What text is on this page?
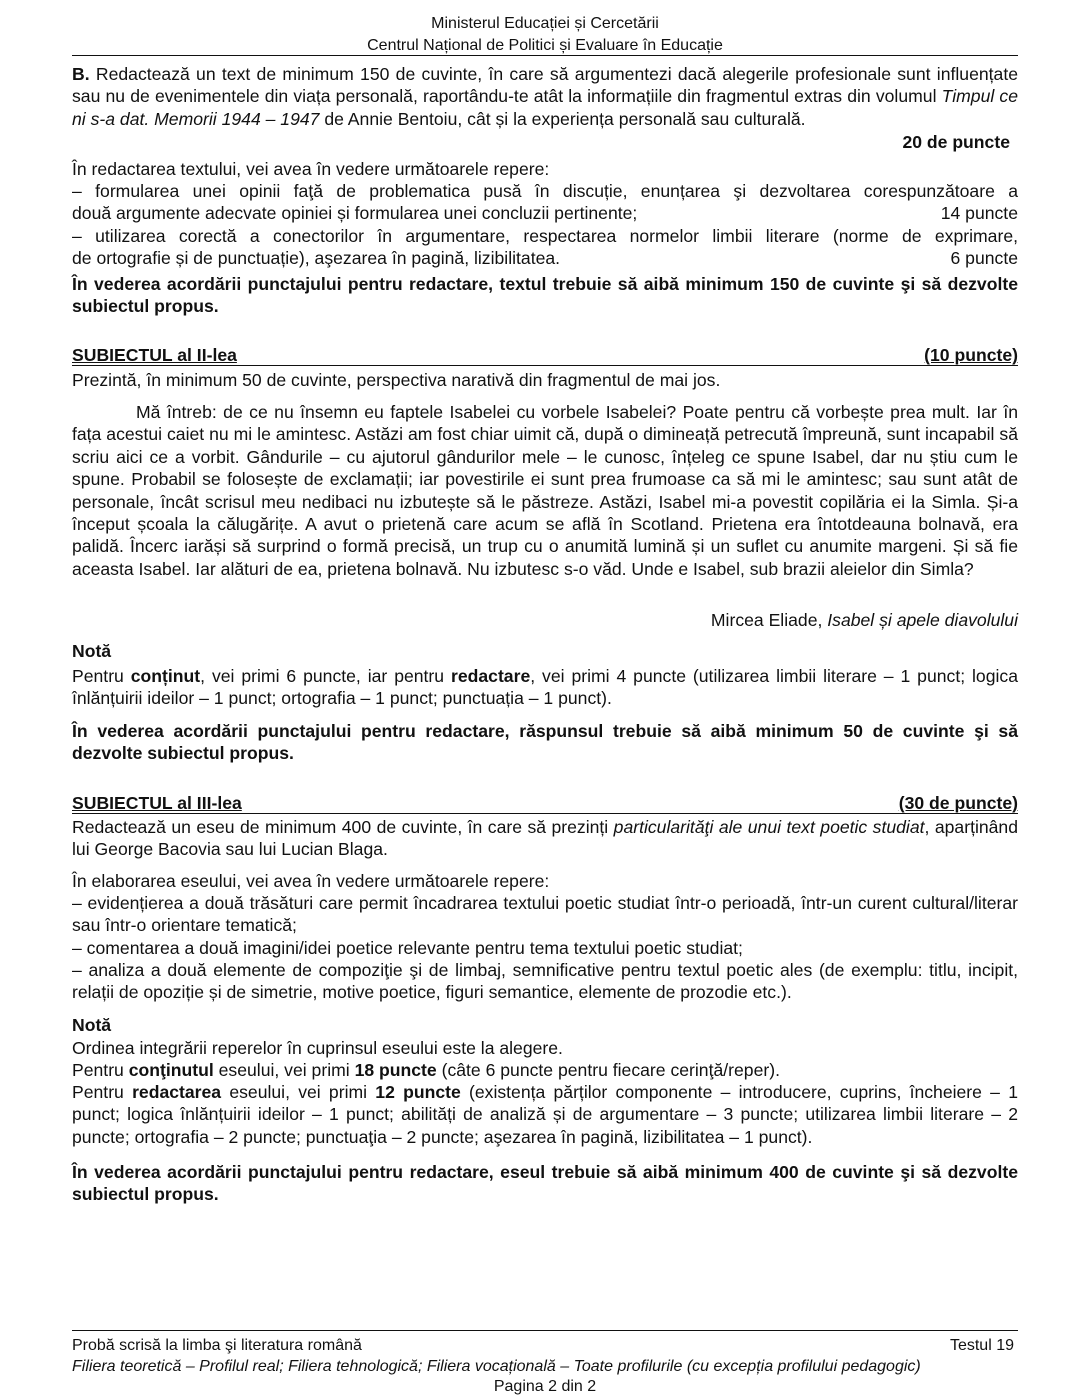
Ministerul Educației și Cercetării
Centrul Național de Politici și Evaluare în Educație
B. Redactează un text de minimum 150 de cuvinte, în care să argumentezi dacă alegerile profesionale sunt influențate sau nu de evenimentele din viața personală, raportându-te atât la informațiile din fragmentul extras din volumul Timpul ce ni s-a dat. Memorii 1944 – 1947 de Annie Bentoiu, cât și la experiența personală sau culturală.
20 de puncte
În redactarea textului, vei avea în vedere următoarele repere:
– formularea unei opinii faţă de problematica pusă în discuție, enunțarea şi dezvoltarea corespunzătoare a
două argumente adecvate opiniei și formularea unei concluzii pertinente;	14 puncte
– utilizarea corectă a conectorilor în argumentare, respectarea normelor limbii literare (norme de exprimare,
de ortografie și de punctuație), aşezarea în pagină, lizibilitatea.	6 puncte
În vederea acordării punctajului pentru redactare, textul trebuie să aibă minimum 150 de cuvinte şi să dezvolte subiectul propus.
SUBIECTUL al II-lea	(10 puncte)
Prezintă, în minimum 50 de cuvinte, perspectiva narativă din fragmentul de mai jos.
Mă întreb: de ce nu însemn eu faptele Isabelei cu vorbele Isabelei? Poate pentru că vorbește prea mult. Iar în fața acestui caiet nu mi le amintesc. Astăzi am fost chiar uimit că, după o dimineață petrecută împreună, sunt incapabil să scriu aici ce a vorbit. Gândurile – cu ajutorul gândurilor mele – le cunosc, înțeleg ce spune Isabel, dar nu știu cum le spune. Probabil se folosește de exclamații; iar povestirile ei sunt prea frumoase ca să mi le amintesc; sau sunt atât de personale, încât scrisul meu nedibaci nu izbutește să le păstreze. Astăzi, Isabel mi-a povestit copilăria ei la Simla. Și-a început școala la călugărițe. A avut o prietenă care acum se află în Scotland. Prietena era întotdeauna bolnavă, era palidă. Încerc iarăși să surprind o formă precisă, un trup cu o anumită lumină și un suflet cu anumite margeni. Și să fie aceasta Isabel. Iar alături de ea, prietena bolnavă. Nu izbutesc s-o văd. Unde e Isabel, sub brazii aleielor din Simla?
Mircea Eliade, Isabel și apele diavolului
Notă
Pentru conținut, vei primi 6 puncte, iar pentru redactare, vei primi 4 puncte (utilizarea limbii literare – 1 punct; logica înlănțuirii ideilor – 1 punct; ortografia – 1 punct; punctuația – 1 punct).
În vederea acordării punctajului pentru redactare, răspunsul trebuie să aibă minimum 50 de cuvinte şi să dezvolte subiectul propus.
SUBIECTUL al III-lea	(30 de puncte)
Redactează un eseu de minimum 400 de cuvinte, în care să prezinți particularităţi ale unui text poetic studiat, aparținând lui George Bacovia sau lui Lucian Blaga.
În elaborarea eseului, vei avea în vedere următoarele repere:
– evidențierea a două trăsături care permit încadrarea textului poetic studiat într-o perioadă, într-un curent cultural/literar sau într-o orientare tematică;
– comentarea a două imagini/idei poetice relevante pentru tema textului poetic studiat;
– analiza a două elemente de compoziţie şi de limbaj, semnificative pentru textul poetic ales (de exemplu: titlu, incipit, relații de opoziție și de simetrie, motive poetice, figuri semantice, elemente de prozodie etc.).
Notă
Ordinea integrării reperelor în cuprinsul eseului este la alegere.
Pentru conţinutul eseului, vei primi 18 puncte (câte 6 puncte pentru fiecare cerinţă/reper).
Pentru redactarea eseului, vei primi 12 puncte (existența părților componente – introducere, cuprins, încheiere – 1 punct; logica înlănțuirii ideilor – 1 punct; abilități de analiză și de argumentare – 3 puncte; utilizarea limbii literare – 2 puncte; ortografia – 2 puncte; punctuaţia – 2 puncte; aşezarea în pagină, lizibilitatea – 1 punct).
În vederea acordării punctajului pentru redactare, eseul trebuie să aibă minimum 400 de cuvinte şi să dezvolte subiectul propus.
Probă scrisă la limba şi literatura română	Testul 19
Filiera teoretică – Profilul real; Filiera tehnologică; Filiera vocațională – Toate profilurile (cu excepția profilului pedagogic)
Pagina 2 din 2
